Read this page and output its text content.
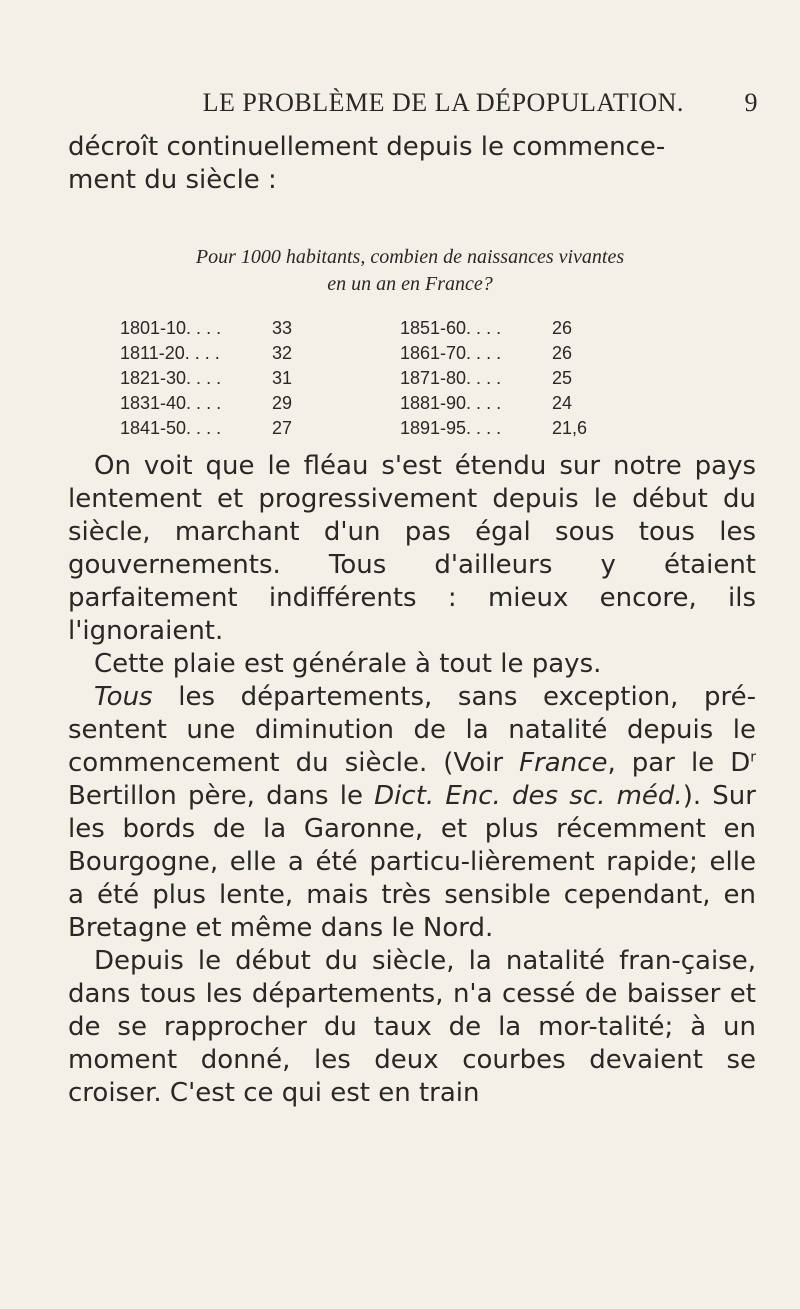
LE PROBLÈME DE LA DÉPOPULATION.	9

décroît continuellement depuis le commence-

ment du siècle :

Pour 1000 habitants, combien de naissances vivantes
en un an en France?
1801-10. . . .	33	1851-60. . . .	26
1811-20. . . .	32	1861-70. . . .	26
1821-30. . . .	31	1871-80. . . .	25
1831-40. . . .	29	1881-90. . . .	24
1841-50. . . .	27	1891-95. . . .	21,6

On voit que le fléau s'est étendu sur notre pays lentement et progressivement depuis le début du siècle, marchant d'un pas égal sous tous les gouvernements. Tous d'ailleurs y étaient parfaitement indifférents : mieux encore, ils l'ignoraient.

Cette plaie est générale à tout le pays.

Tous les départements, sans exception, pré-sentent une diminution de la natalité depuis le commencement du siècle. (Voir France, par le $D^r$ Bertillon père, dans le Dict. Enc. des sc. méd.). Sur les bords de la Garonne, et plus récemment en Bourgogne, elle a été particu-lièrement rapide; elle a été plus lente, mais très sensible cependant, en Bretagne et même dans le Nord.

Depuis le début du siècle, la natalité fran-çaise, dans tous les départements, n'a cessé de baisser et de se rapprocher du taux de la mor-talité; à un moment donné, les deux courbes devaient se croiser. C'est ce qui est en train
